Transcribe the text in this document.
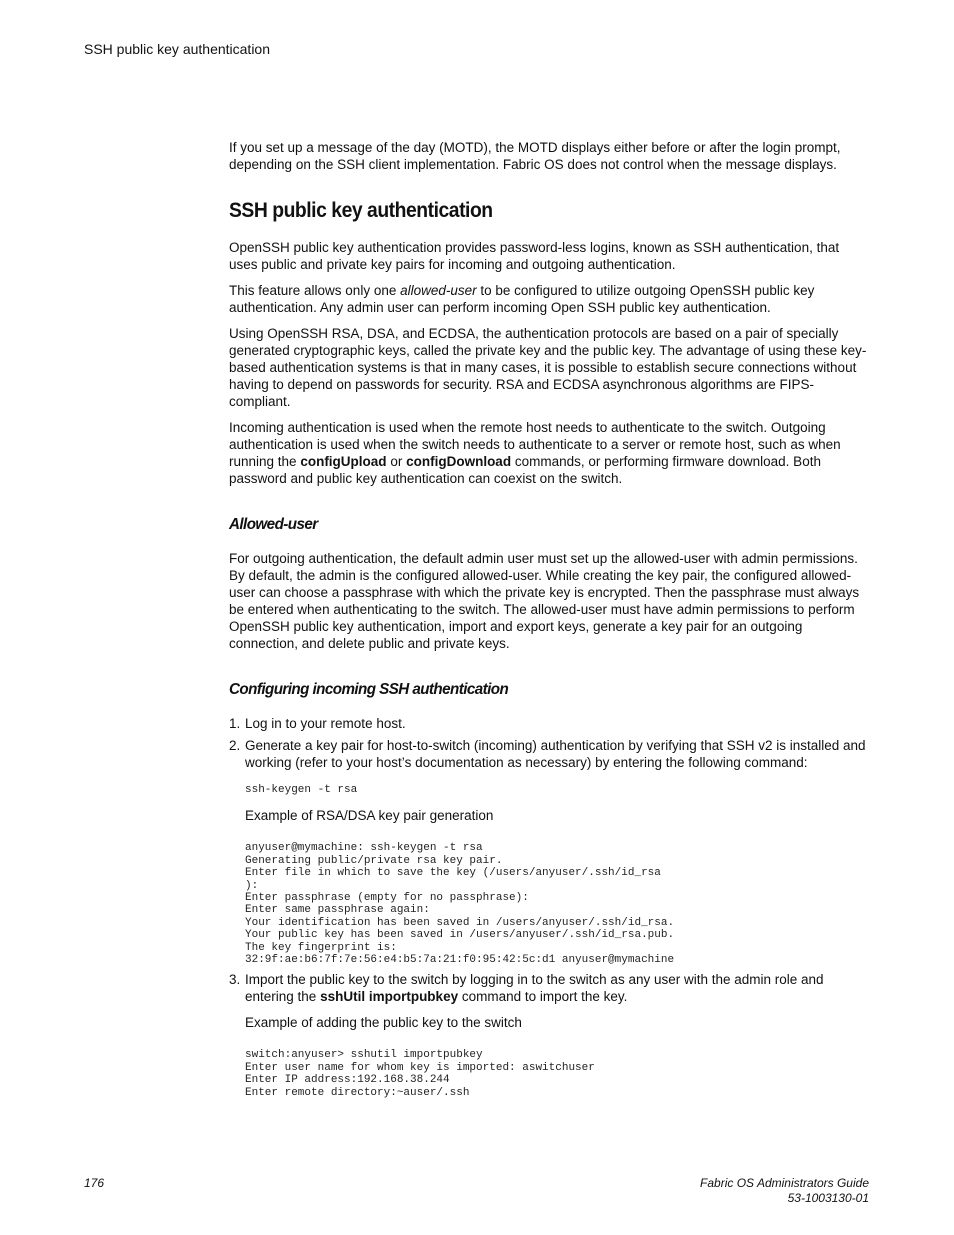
SSH public key authentication

If you set up a message of the day (MOTD), the MOTD displays either before or after the login prompt, depending on the SSH client implementation. Fabric OS does not control when the message displays.

SSH public key authentication

OpenSSH public key authentication provides password-less logins, known as SSH authentication, that uses public and private key pairs for incoming and outgoing authentication.

This feature allows only one allowed-user to be configured to utilize outgoing OpenSSH public key authentication. Any admin user can perform incoming Open SSH public key authentication.

Using OpenSSH RSA, DSA, and ECDSA, the authentication protocols are based on a pair of specially generated cryptographic keys, called the private key and the public key. The advantage of using these key-based authentication systems is that in many cases, it is possible to establish secure connections without having to depend on passwords for security. RSA and ECDSA asynchronous algorithms are FIPS-compliant.

Incoming authentication is used when the remote host needs to authenticate to the switch. Outgoing authentication is used when the switch needs to authenticate to a server or remote host, such as when running the configUpload or configDownload commands, or performing firmware download. Both password and public key authentication can coexist on the switch.

Allowed-user

For outgoing authentication, the default admin user must set up the allowed-user with admin permissions. By default, the admin is the configured allowed-user. While creating the key pair, the configured allowed-user can choose a passphrase with which the private key is encrypted. Then the passphrase must always be entered when authenticating to the switch. The allowed-user must have admin permissions to perform OpenSSH public key authentication, import and export keys, generate a key pair for an outgoing connection, and delete public and private keys.

Configuring incoming SSH authentication
1. Log in to your remote host.
2. Generate a key pair for host-to-switch (incoming) authentication by verifying that SSH v2 is installed and working (refer to your host’s documentation as necessary) by entering the following command:
ssh-keygen -t rsa
Example of RSA/DSA key pair generation
anyuser@mymachine: ssh-keygen -t rsa
Generating public/private rsa key pair.
Enter file in which to save the key (/users/anyuser/.ssh/id_rsa
):
Enter passphrase (empty for no passphrase):
Enter same passphrase again:
Your identification has been saved in /users/anyuser/.ssh/id_rsa.
Your public key has been saved in /users/anyuser/.ssh/id_rsa.pub.
The key fingerprint is:
32:9f:ae:b6:7f:7e:56:e4:b5:7a:21:f0:95:42:5c:d1 anyuser@mymachine
3. Import the public key to the switch by logging in to the switch as any user with the admin role and entering the sshUtil importpubkey command to import the key.
Example of adding the public key to the switch
switch:anyuser> sshutil importpubkey
Enter user name for whom key is imported: aswitchuser
Enter IP address:192.168.38.244
Enter remote directory:~auser/.ssh
176	Fabric OS Administrators Guide
53-1003130-01
